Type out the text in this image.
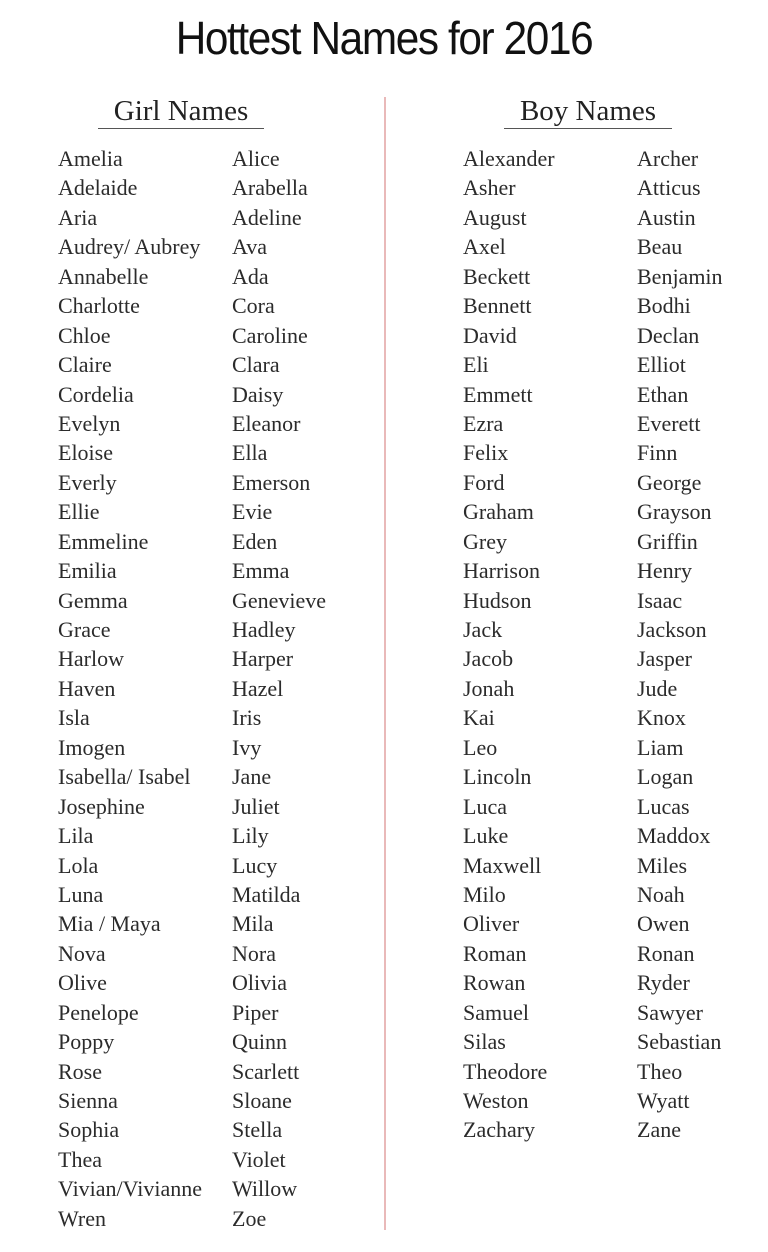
Hottest Names for 2016
Girl Names	Boy Names
Amelia
Adelaide
Aria
Audrey/ Aubrey
Annabelle
Charlotte
Chloe
Claire
Cordelia
Evelyn
Eloise
Everly
Ellie
Emmeline
Emilia
Gemma
Grace
Harlow
Haven
Isla
Imogen
Isabella/ Isabel
Josephine
Lila
Lola
Luna
Mia / Maya
Nova
Olive
Penelope
Poppy
Rose
Sienna
Sophia
Thea
Vivian/Vivianne
Wren
Alice
Arabella
Adeline
Ava
Ada
Cora
Caroline
Clara
Daisy
Eleanor
Ella
Emerson
Evie
Eden
Emma
Genevieve
Hadley
Harper
Hazel
Iris
Ivy
Jane
Juliet
Lily
Lucy
Matilda
Mila
Nora
Olivia
Piper
Quinn
Scarlett
Sloane
Stella
Violet
Willow
Zoe
Alexander
Asher
August
Axel
Beckett
Bennett
David
Eli
Emmett
Ezra
Felix
Ford
Graham
Grey
Harrison
Hudson
Jack
Jacob
Jonah
Kai
Leo
Lincoln
Luca
Luke
Maxwell
Milo
Oliver
Roman
Rowan
Samuel
Silas
Theodore
Weston
Zachary
Archer
Atticus
Austin
Beau
Benjamin
Bodhi
Declan
Elliot
Ethan
Everett
Finn
George
Grayson
Griffin
Henry
Isaac
Jackson
Jasper
Jude
Knox
Liam
Logan
Lucas
Maddox
Miles
Noah
Owen
Ronan
Ryder
Sawyer
Sebastian
Theo
Wyatt
Zane
